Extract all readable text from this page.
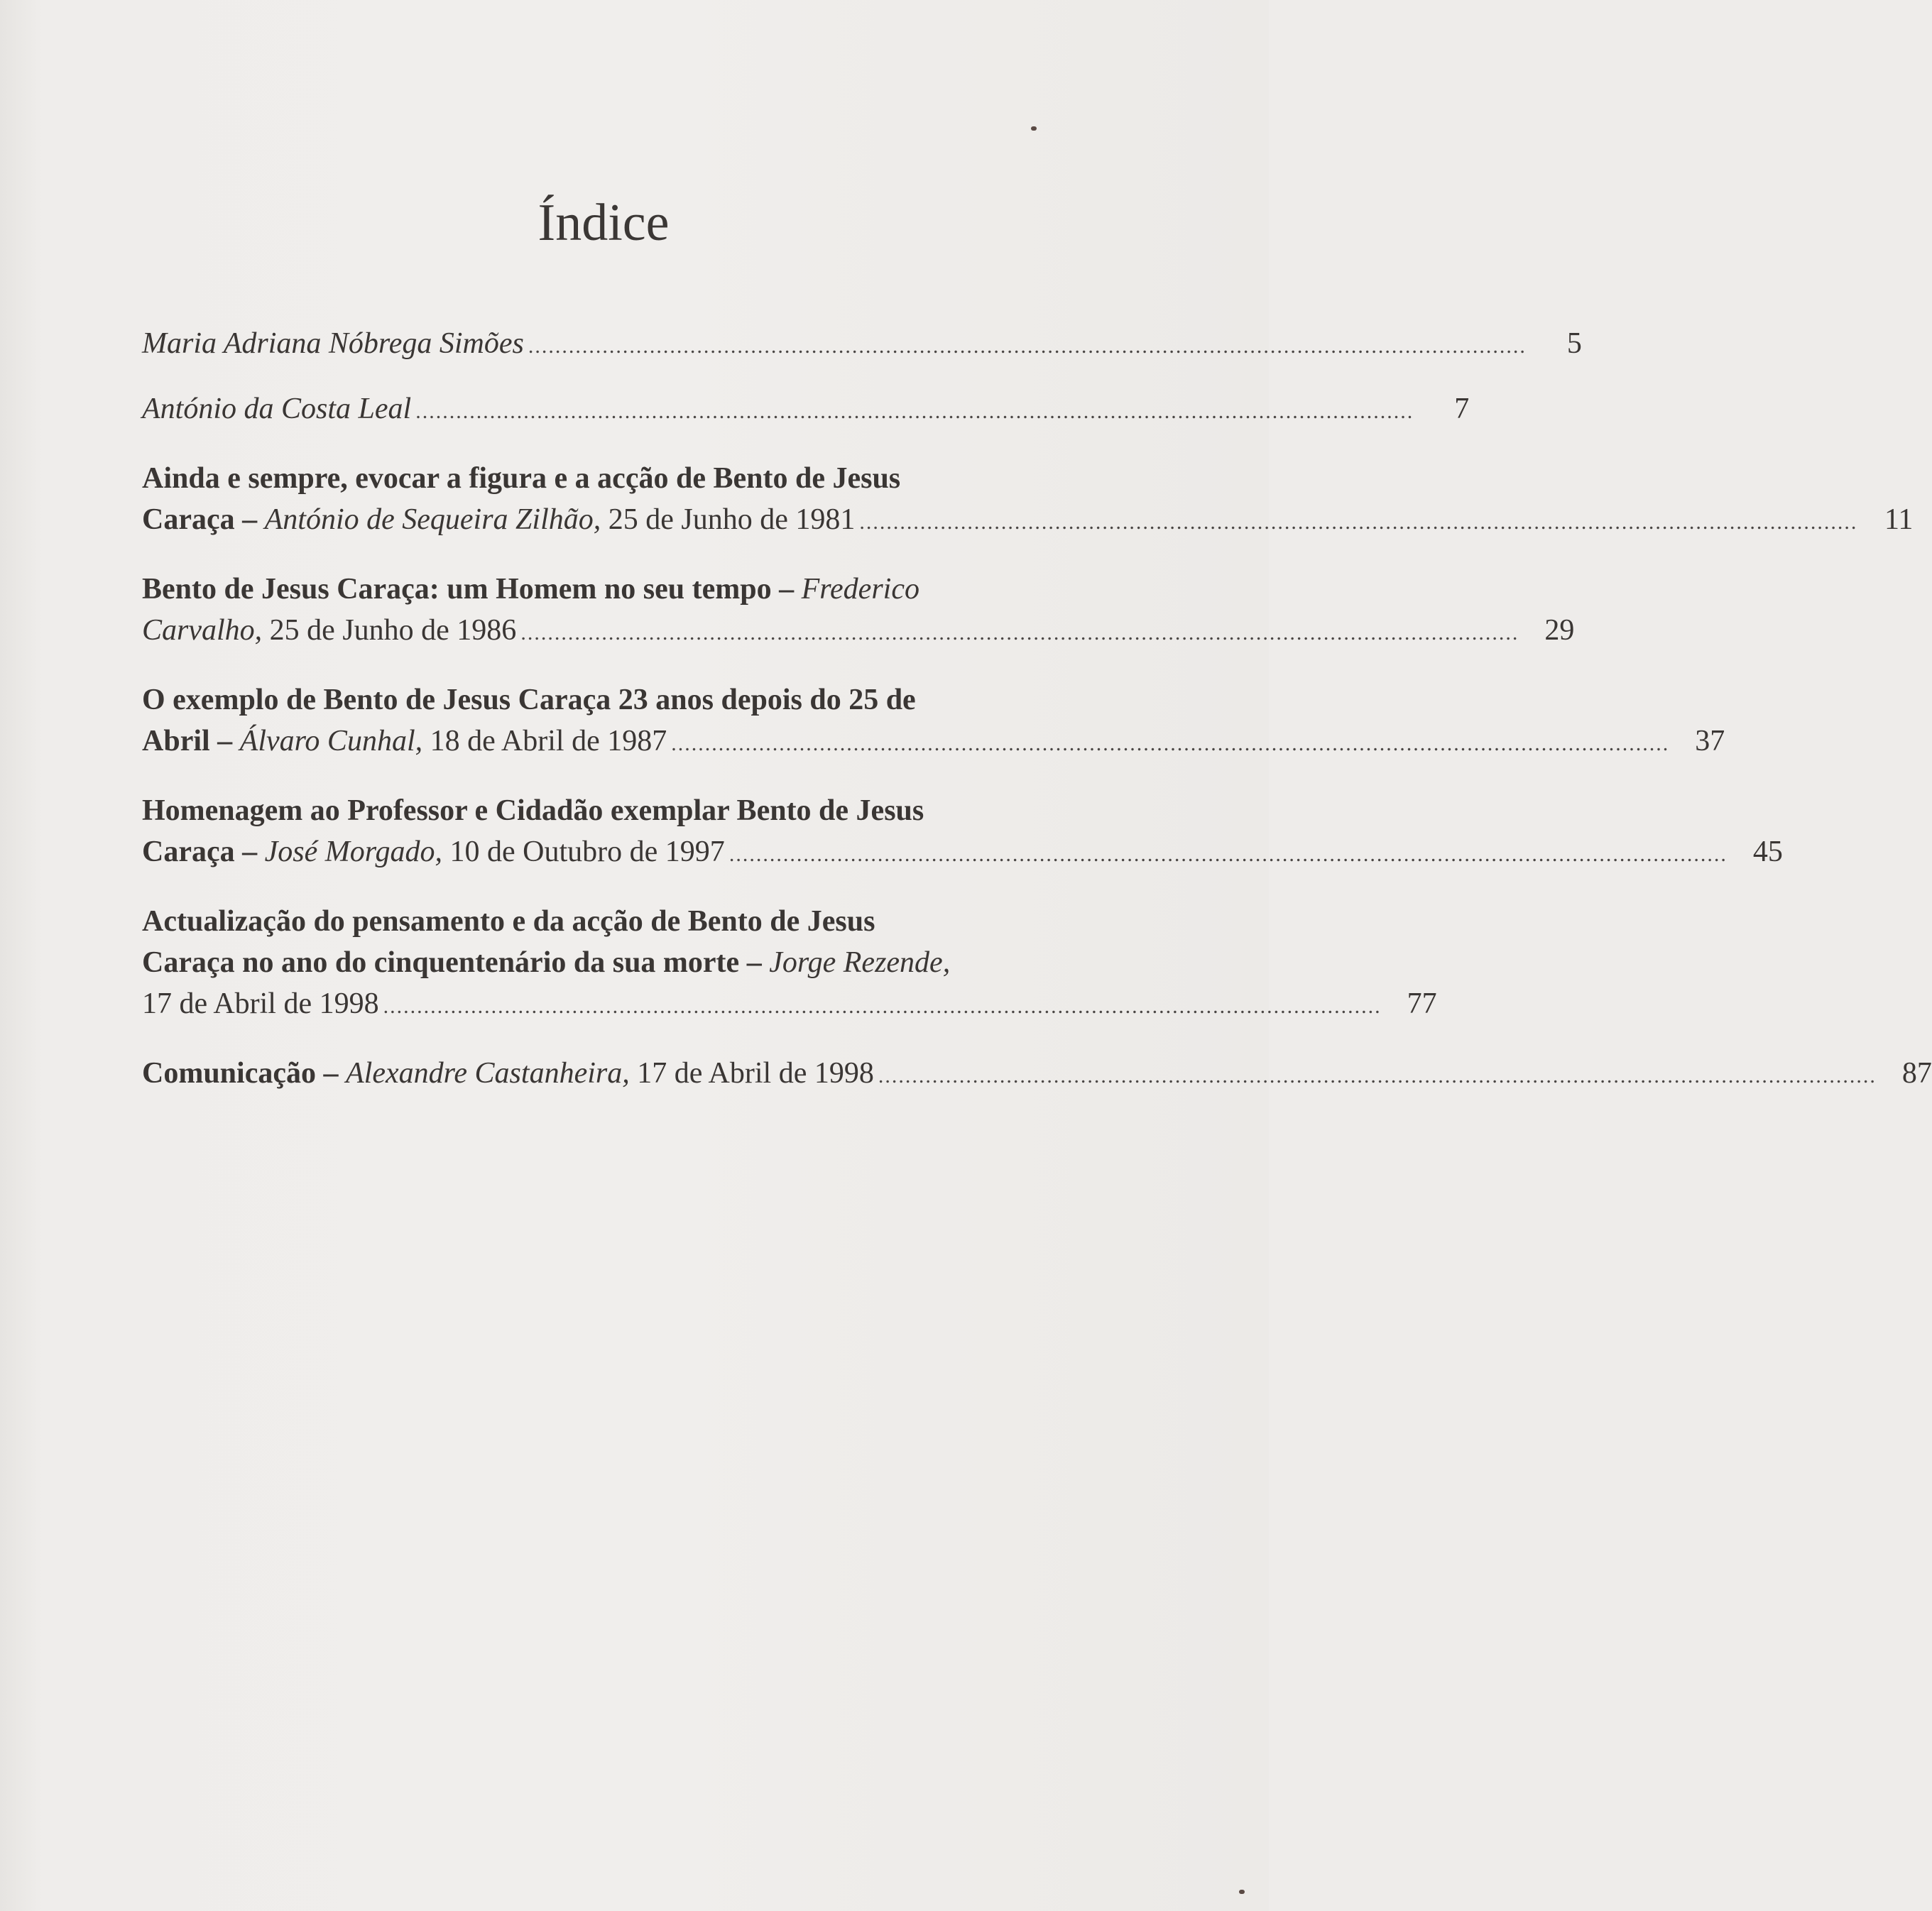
Índice
Maria Adriana Nóbrega Simões ....................................................................................................................................................	5
António da Costa Leal ....................................................................................................................................................	7
Ainda e sempre, evocar a figura e a acção de Bento de Jesus
Caraça – António de Sequeira Zilhão, 25 de Junho de 1981 .................................................................................................................................................... 11
Bento de Jesus Caraça: um Homem no seu tempo – Frederico
Carvalho, 25 de Junho de 1986 .................................................................................................................................................... 29
O exemplo de Bento de Jesus Caraça 23 anos depois do 25 de
Abril – Álvaro Cunhal, 18 de Abril de 1987 .................................................................................................................................................... 37
Homenagem ao Professor e Cidadão exemplar Bento de Jesus
Caraça – José Morgado, 10 de Outubro de 1997 .................................................................................................................................................... 45
Actualização do pensamento e da acção de Bento de Jesus
Caraça no ano do cinquentenário da sua morte – Jorge Rezende,
17 de Abril de 1998 .................................................................................................................................................... 77
Comunicação – Alexandre Castanheira, 17 de Abril de 1998 .................................................................................................................................................... 87
